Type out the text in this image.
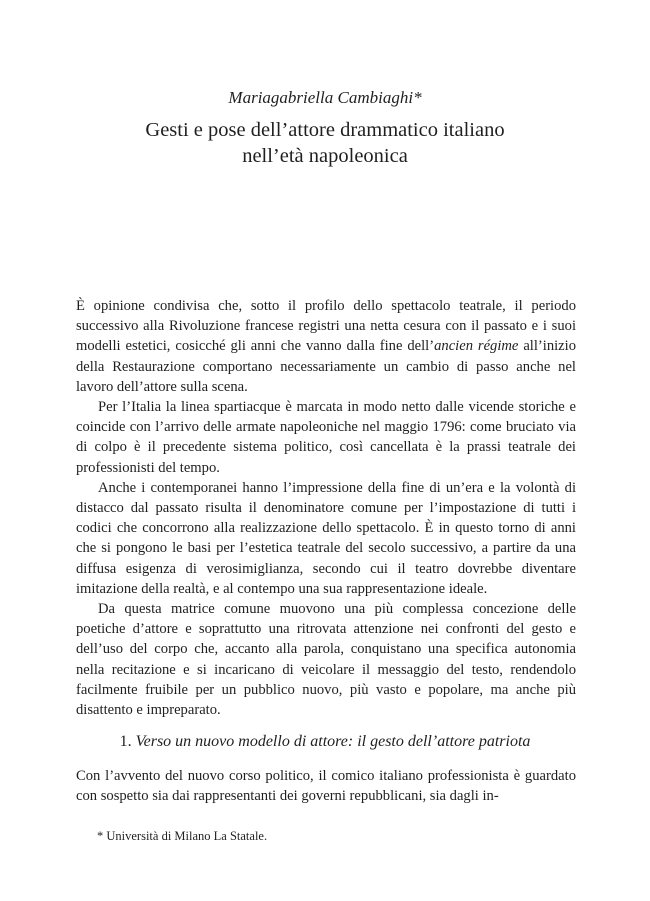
Mariagabriella Cambiaghi*
Gesti e pose dell’attore drammatico italiano
nell’età napoleonica

È opinione condivisa che, sotto il profilo dello spettacolo teatrale, il periodo successivo alla Rivoluzione francese registri una netta cesura con il passato e i suoi modelli estetici, cosicché gli anni che vanno dalla fine dell’ancien régime all’inizio della Restaurazione comportano necessariamente un cambio di passo anche nel lavoro dell’attore sulla scena.

Per l’Italia la linea spartiacque è marcata in modo netto dalle vicende storiche e coincide con l’arrivo delle armate napoleoniche nel maggio 1796: come bruciato via di colpo è il precedente sistema politico, così cancellata è la prassi teatrale dei professionisti del tempo.

Anche i contemporanei hanno l’impressione della fine di un’era e la volontà di distacco dal passato risulta il denominatore comune per l’impostazione di tutti i codici che concorrono alla realizzazione dello spettacolo. È in questo torno di anni che si pongono le basi per l’estetica teatrale del secolo successivo, a partire da una diffusa esigenza di verosimiglianza, secondo cui il teatro dovrebbe diventare imitazione della realtà, e al contempo una sua rappresentazione ideale.

Da questa matrice comune muovono una più complessa concezione delle poetiche d’attore e soprattutto una ritrovata attenzione nei confronti del gesto e dell’uso del corpo che, accanto alla parola, conquistano una specifica autonomia nella recitazione e si incaricano di veicolare il messaggio del testo, rendendolo facilmente fruibile per un pubblico nuovo, più vasto e popolare, ma anche più disattento e impreparato.

1. Verso un nuovo modello di attore: il gesto dell’attore patriota

Con l’avvento del nuovo corso politico, il comico italiano professionista è guardato con sospetto sia dai rappresentanti dei governi repubblicani, sia dagli in-

* Università di Milano La Statale.
